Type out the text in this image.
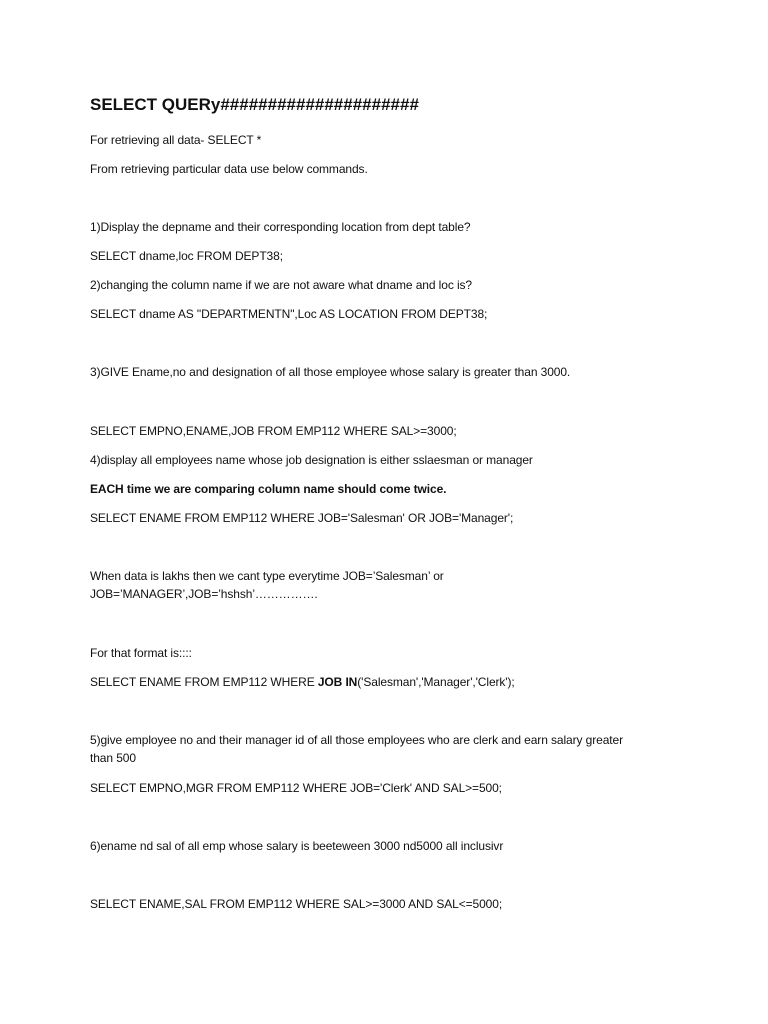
SELECT QUERy#####################
For retrieving all data- SELECT *
From retrieving particular data use below commands.
1)Display the depname and their corresponding location from dept table?
SELECT dname,loc FROM DEPT38;
2)changing the column name if we are not aware what dname and loc is?
SELECT dname AS "DEPARTMENTN",Loc AS LOCATION FROM DEPT38;
3)GIVE Ename,no and designation of all those employee whose salary is greater than 3000.
SELECT EMPNO,ENAME,JOB FROM EMP112 WHERE SAL>=3000;
4)display all employees name whose job designation is either sslaesman or manager
EACH time we are comparing column name should come twice.
SELECT ENAME FROM EMP112 WHERE JOB='Salesman' OR JOB='Manager';
When data is lakhs then we cant type everytime JOB=’Salesman’ or
JOB=’MANAGER’,JOB=’hshsh’…………….
For that format is::::
SELECT ENAME FROM EMP112 WHERE JOB IN('Salesman','Manager','Clerk');
5)give employee no and their manager id of all those employees who are clerk and earn salary greater
than 500
SELECT EMPNO,MGR FROM EMP112 WHERE JOB='Clerk' AND SAL>=500;
6)ename nd sal of all emp whose salary is beeteween 3000 nd5000 all inclusivr
SELECT ENAME,SAL FROM EMP112 WHERE SAL>=3000 AND SAL<=5000;
